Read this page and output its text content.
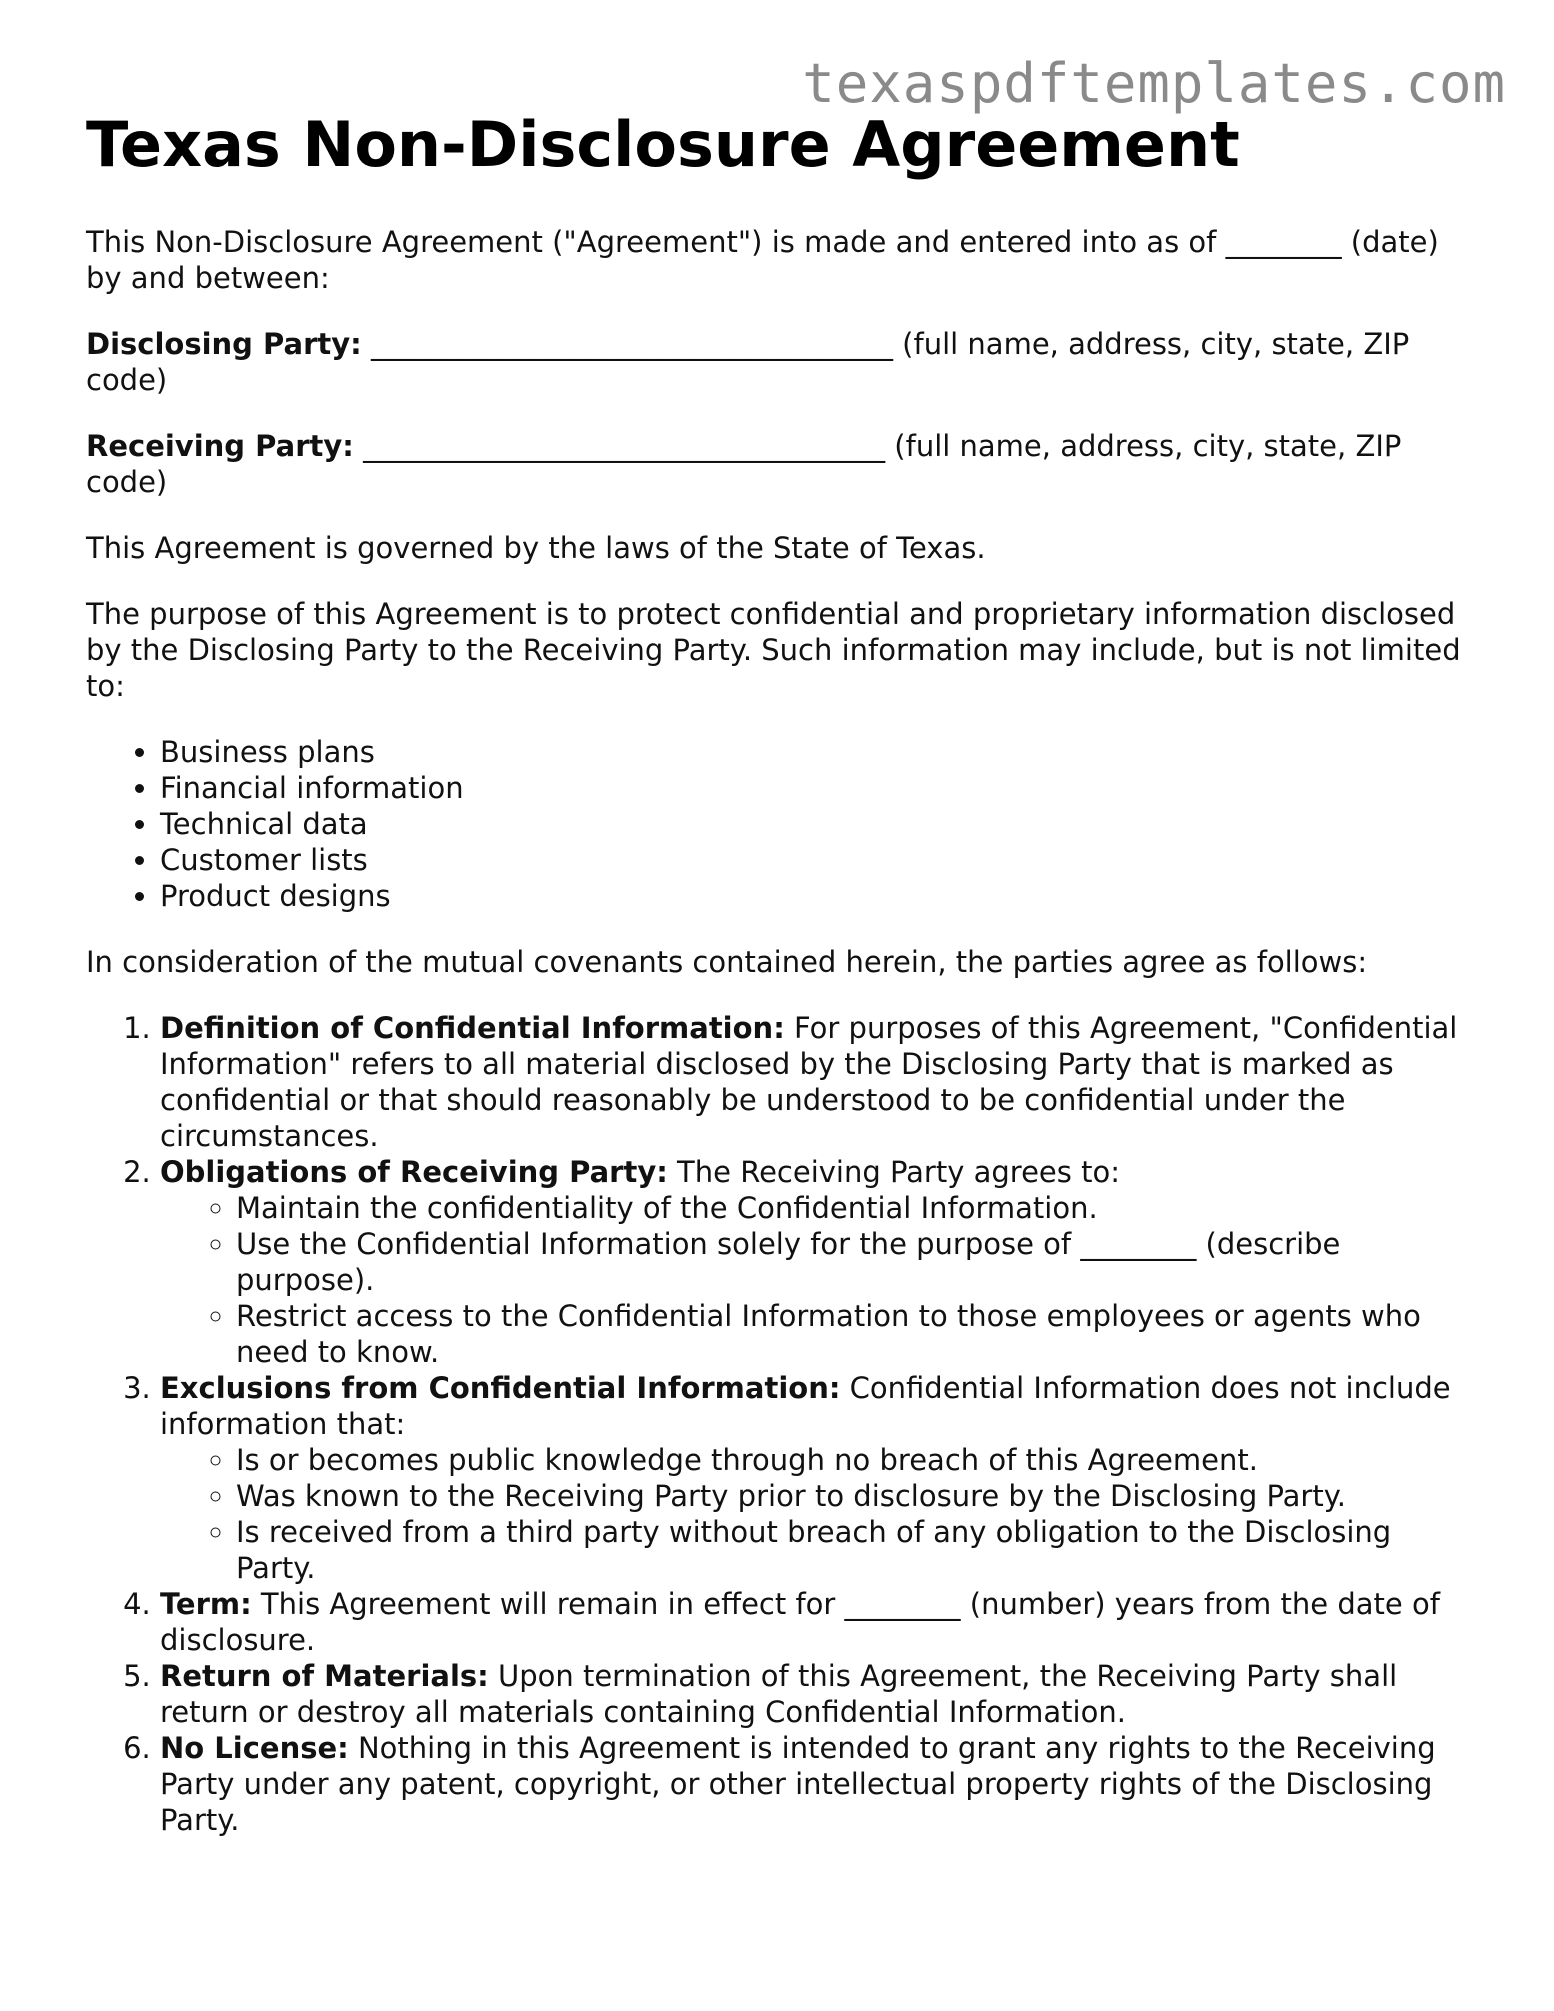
texaspdftemplates.com
Texas Non-Disclosure Agreement

This Non-Disclosure Agreement ("Agreement") is made and entered into as of ________ (date) by and between:

Disclosing Party: ____________________________________ (full name, address, city, state, ZIP code)

Receiving Party: ____________________________________ (full name, address, city, state, ZIP code)

This Agreement is governed by the laws of the State of Texas.

The purpose of this Agreement is to protect confidential and proprietary information disclosed by the Disclosing Party to the Receiving Party. Such information may include, but is not limited to:

• Business plans
• Financial information
• Technical data
• Customer lists
• Product designs

In consideration of the mutual covenants contained herein, the parties agree as follows:

1. Definition of Confidential Information: For purposes of this Agreement, "Confidential Information" refers to all material disclosed by the Disclosing Party that is marked as confidential or that should reasonably be understood to be confidential under the circumstances.
2. Obligations of Receiving Party: The Receiving Party agrees to:
◦ Maintain the confidentiality of the Confidential Information.
◦ Use the Confidential Information solely for the purpose of ________ (describe purpose).
◦ Restrict access to the Confidential Information to those employees or agents who need to know.
3. Exclusions from Confidential Information: Confidential Information does not include information that:
◦ Is or becomes public knowledge through no breach of this Agreement.
◦ Was known to the Receiving Party prior to disclosure by the Disclosing Party.
◦ Is received from a third party without breach of any obligation to the Disclosing Party.
4. Term: This Agreement will remain in effect for ________ (number) years from the date of disclosure.
5. Return of Materials: Upon termination of this Agreement, the Receiving Party shall return or destroy all materials containing Confidential Information.
6. No License: Nothing in this Agreement is intended to grant any rights to the Receiving Party under any patent, copyright, or other intellectual property rights of the Disclosing Party.
